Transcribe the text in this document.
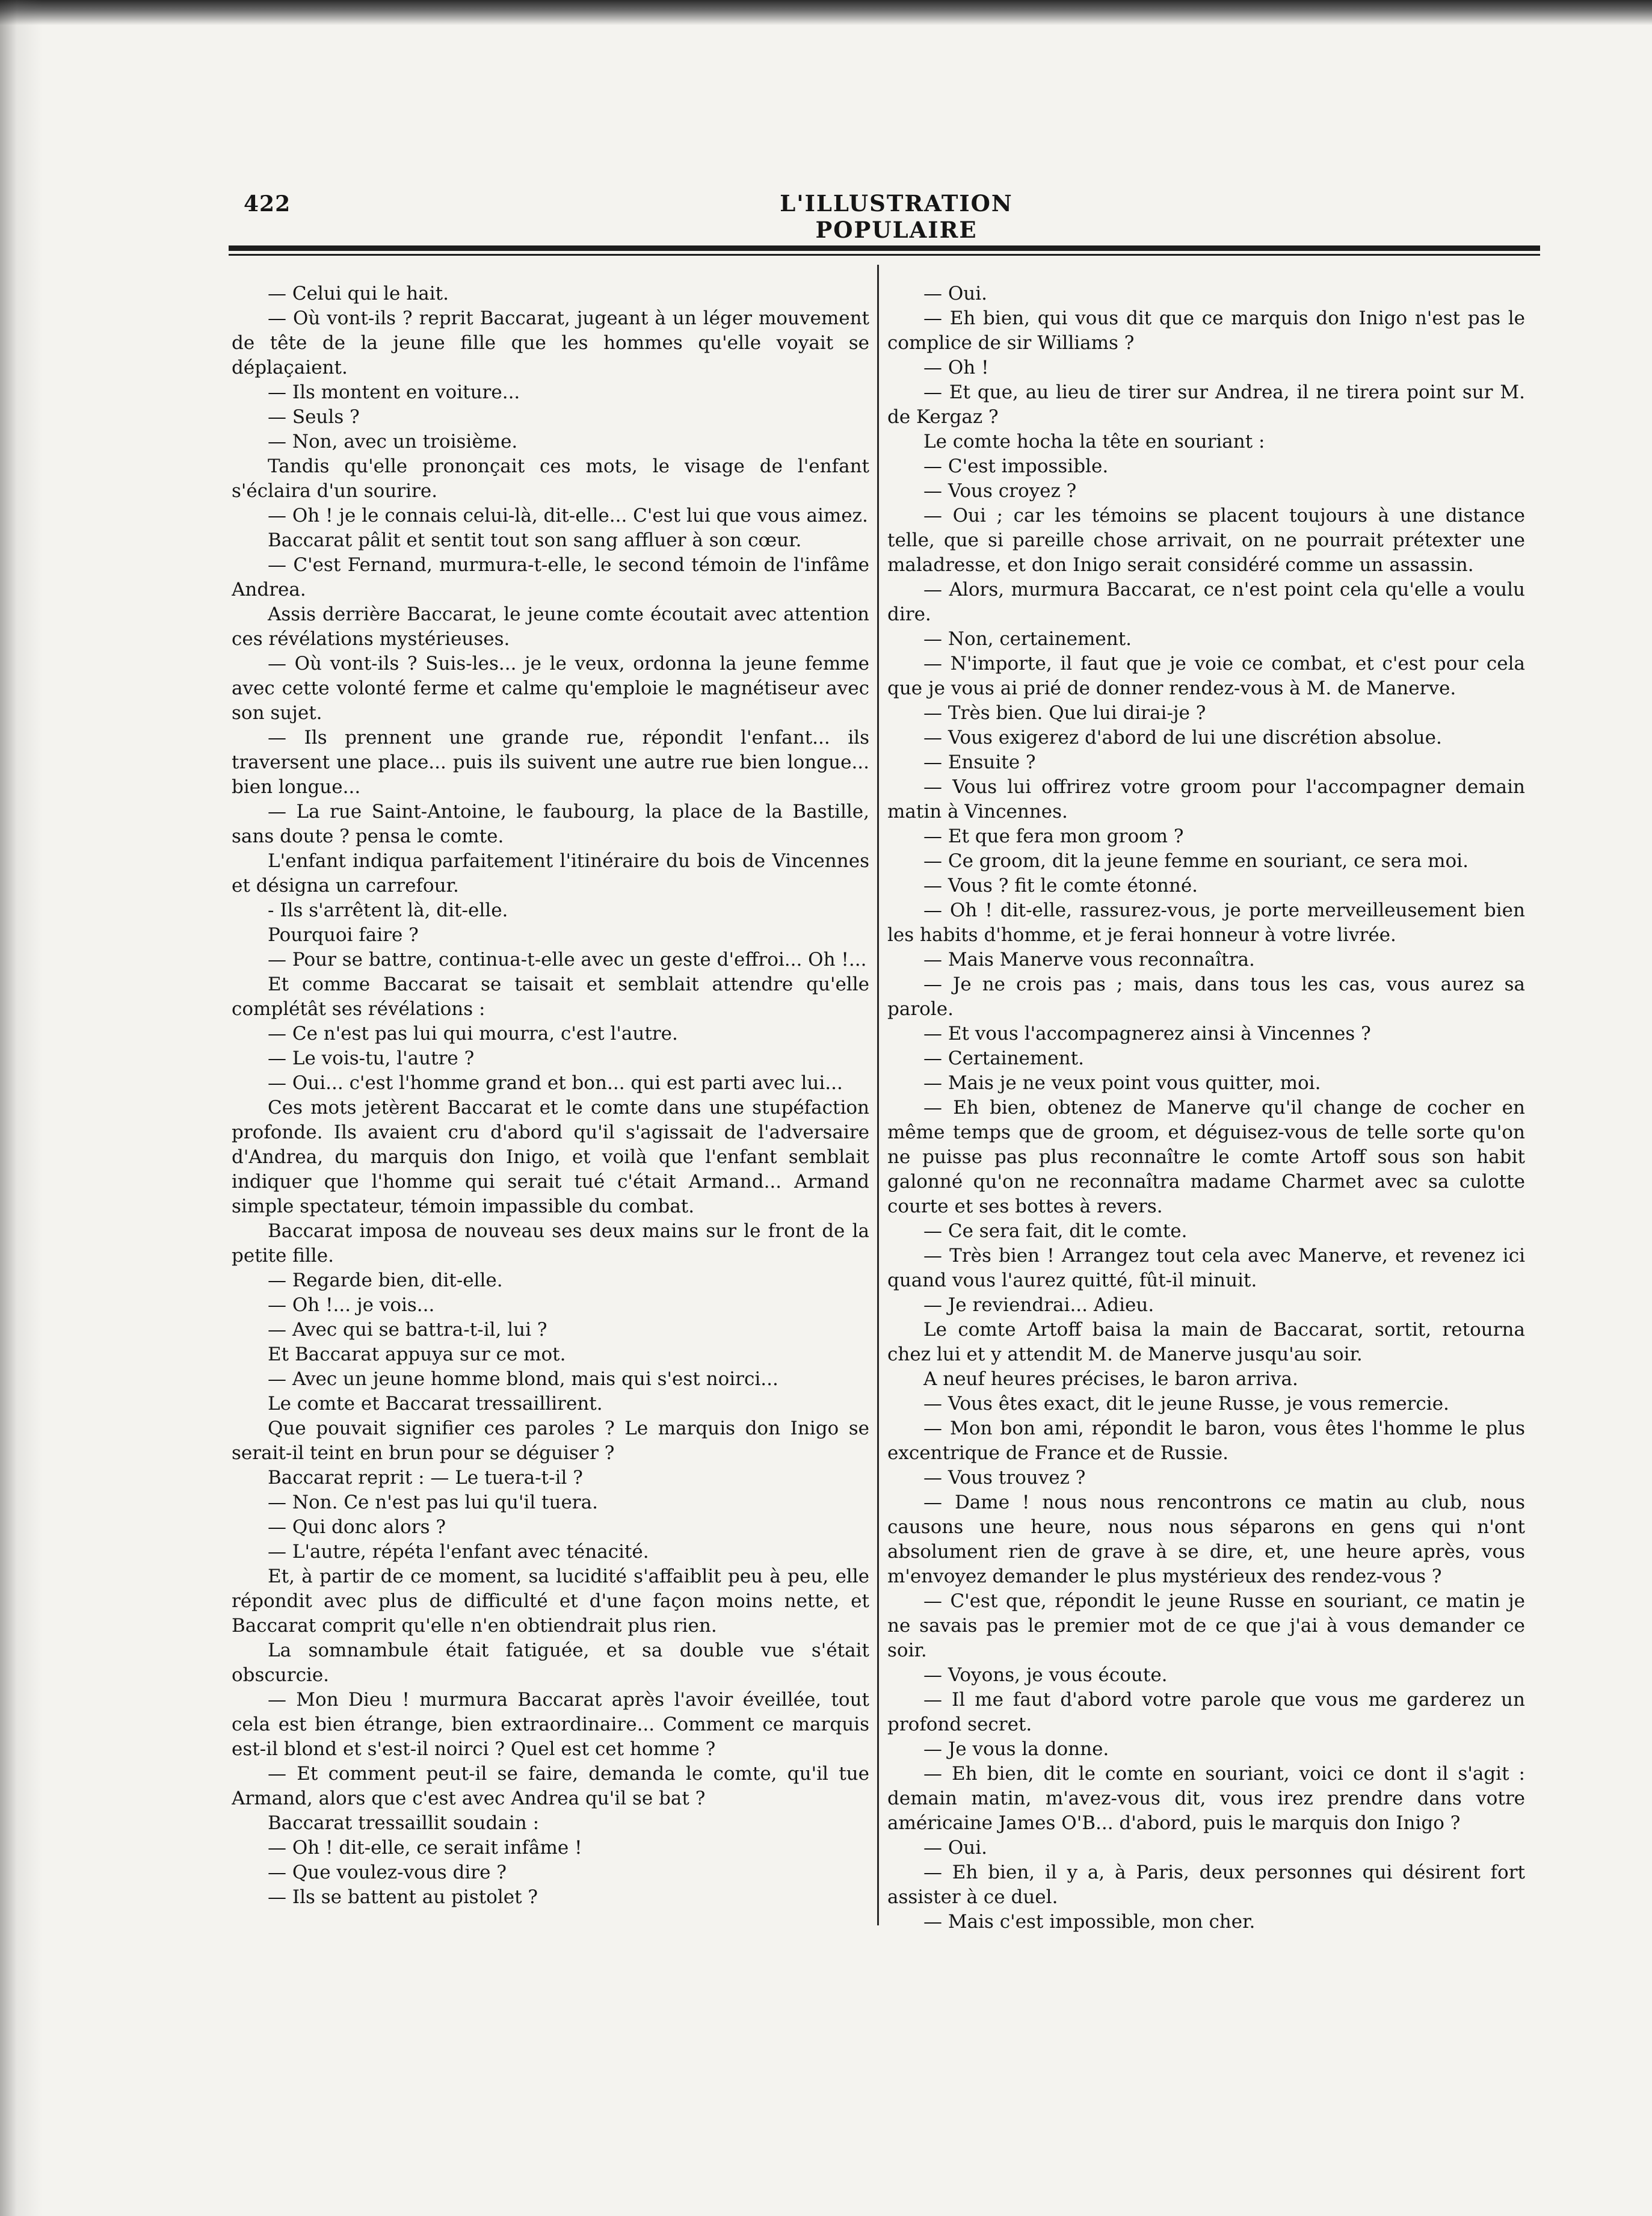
422	L'ILLUSTRATION POPULAIRE

— Celui qui le hait.

— Où vont-ils ? reprit Baccarat, jugeant à un léger mouvement de tête de la jeune fille que les hommes qu'elle voyait se déplaçaient.

— Ils montent en voiture...

— Seuls ?

— Non, avec un troisième.

Tandis qu'elle prononçait ces mots, le visage de l'enfant s'éclaira d'un sourire.

— Oh ! je le connais celui-là, dit-elle... C'est lui que vous aimez.

Baccarat pâlit et sentit tout son sang affluer à son cœur.

— C'est Fernand, murmura-t-elle, le second témoin de l'infâme Andrea.

Assis derrière Baccarat, le jeune comte écoutait avec attention ces révélations mystérieuses.

— Où vont-ils ? Suis-les... je le veux, ordonna la jeune femme avec cette volonté ferme et calme qu'emploie le magnétiseur avec son sujet.

— Ils prennent une grande rue, répondit l'enfant... ils traversent une place... puis ils suivent une autre rue bien longue... bien longue...

— La rue Saint-Antoine, le faubourg, la place de la Bastille, sans doute ? pensa le comte.

L'enfant indiqua parfaitement l'itinéraire du bois de Vincennes et désigna un carrefour.

- Ils s'arrêtent là, dit-elle.

Pourquoi faire ?

— Pour se battre, continua-t-elle avec un geste d'effroi... Oh !...

Et comme Baccarat se taisait et semblait attendre qu'elle complétât ses révélations :

— Ce n'est pas lui qui mourra, c'est l'autre.

— Le vois-tu, l'autre ?

— Oui... c'est l'homme grand et bon... qui est parti avec lui...

Ces mots jetèrent Baccarat et le comte dans une stupéfaction profonde. Ils avaient cru d'abord qu'il s'agissait de l'adversaire d'Andrea, du marquis don Inigo, et voilà que l'enfant semblait indiquer que l'homme qui serait tué c'était Armand... Armand simple spectateur, témoin impassible du combat.

Baccarat imposa de nouveau ses deux mains sur le front de la petite fille.

— Regarde bien, dit-elle.

— Oh !... je vois...

— Avec qui se battra-t-il, lui ?

Et Baccarat appuya sur ce mot.

— Avec un jeune homme blond, mais qui s'est noirci...

Le comte et Baccarat tressaillirent.

Que pouvait signifier ces paroles ? Le marquis don Inigo se serait-il teint en brun pour se déguiser ?

Baccarat reprit : — Le tuera-t-il ?

— Non. Ce n'est pas lui qu'il tuera.

— Qui donc alors ?

— L'autre, répéta l'enfant avec ténacité.

Et, à partir de ce moment, sa lucidité s'affaiblit peu à peu, elle répondit avec plus de difficulté et d'une façon moins nette, et Baccarat comprit qu'elle n'en obtiendrait plus rien.

La somnambule était fatiguée, et sa double vue s'était obscurcie.

— Mon Dieu ! murmura Baccarat après l'avoir éveillée, tout cela est bien étrange, bien extraordinaire... Comment ce marquis est-il blond et s'est-il noirci ? Quel est cet homme ?

— Et comment peut-il se faire, demanda le comte, qu'il tue Armand, alors que c'est avec Andrea qu'il se bat ?

Baccarat tressaillit soudain :

— Oh ! dit-elle, ce serait infâme !

— Que voulez-vous dire ?

— Ils se battent au pistolet ?

— Oui.

— Eh bien, qui vous dit que ce marquis don Inigo n'est pas le complice de sir Williams ?

— Oh !

— Et que, au lieu de tirer sur Andrea, il ne tirera point sur M. de Kergaz ?

Le comte hocha la tête en souriant :

— C'est impossible.

— Vous croyez ?

— Oui ; car les témoins se placent toujours à une distance telle, que si pareille chose arrivait, on ne pourrait prétexter une maladresse, et don Inigo serait considéré comme un assassin.

— Alors, murmura Baccarat, ce n'est point cela qu'elle a voulu dire.

— Non, certainement.

— N'importe, il faut que je voie ce combat, et c'est pour cela que je vous ai prié de donner rendez-vous à M. de Manerve.

— Très bien. Que lui dirai-je ?

— Vous exigerez d'abord de lui une discrétion absolue.

— Ensuite ?

— Vous lui offrirez votre groom pour l'accompagner demain matin à Vincennes.

— Et que fera mon groom ?

— Ce groom, dit la jeune femme en souriant, ce sera moi.

— Vous ? fit le comte étonné.

— Oh ! dit-elle, rassurez-vous, je porte merveilleusement bien les habits d'homme, et je ferai honneur à votre livrée.

— Mais Manerve vous reconnaîtra.

— Je ne crois pas ; mais, dans tous les cas, vous aurez sa parole.

— Et vous l'accompagnerez ainsi à Vincennes ?

— Certainement.

— Mais je ne veux point vous quitter, moi.

— Eh bien, obtenez de Manerve qu'il change de cocher en même temps que de groom, et déguisez-vous de telle sorte qu'on ne puisse pas plus reconnaître le comte Artoff sous son habit galonné qu'on ne reconnaîtra madame Charmet avec sa culotte courte et ses bottes à revers.

— Ce sera fait, dit le comte.

— Très bien ! Arrangez tout cela avec Manerve, et revenez ici quand vous l'aurez quitté, fût-il minuit.

— Je reviendrai... Adieu.

Le comte Artoff baisa la main de Baccarat, sortit, retourna chez lui et y attendit M. de Manerve jusqu'au soir.

A neuf heures précises, le baron arriva.

— Vous êtes exact, dit le jeune Russe, je vous remercie.

— Mon bon ami, répondit le baron, vous êtes l'homme le plus excentrique de France et de Russie.

— Vous trouvez ?

— Dame ! nous nous rencontrons ce matin au club, nous causons une heure, nous nous séparons en gens qui n'ont absolument rien de grave à se dire, et, une heure après, vous m'envoyez demander le plus mystérieux des rendez-vous ?

— C'est que, répondit le jeune Russe en souriant, ce matin je ne savais pas le premier mot de ce que j'ai à vous demander ce soir.

— Voyons, je vous écoute.

— Il me faut d'abord votre parole que vous me garderez un profond secret.

— Je vous la donne.

— Eh bien, dit le comte en souriant, voici ce dont il s'agit : demain matin, m'avez-vous dit, vous irez prendre dans votre américaine James O'B... d'abord, puis le marquis don Inigo ?

— Oui.

— Eh bien, il y a, à Paris, deux personnes qui désirent fort assister à ce duel.

— Mais c'est impossible, mon cher.
